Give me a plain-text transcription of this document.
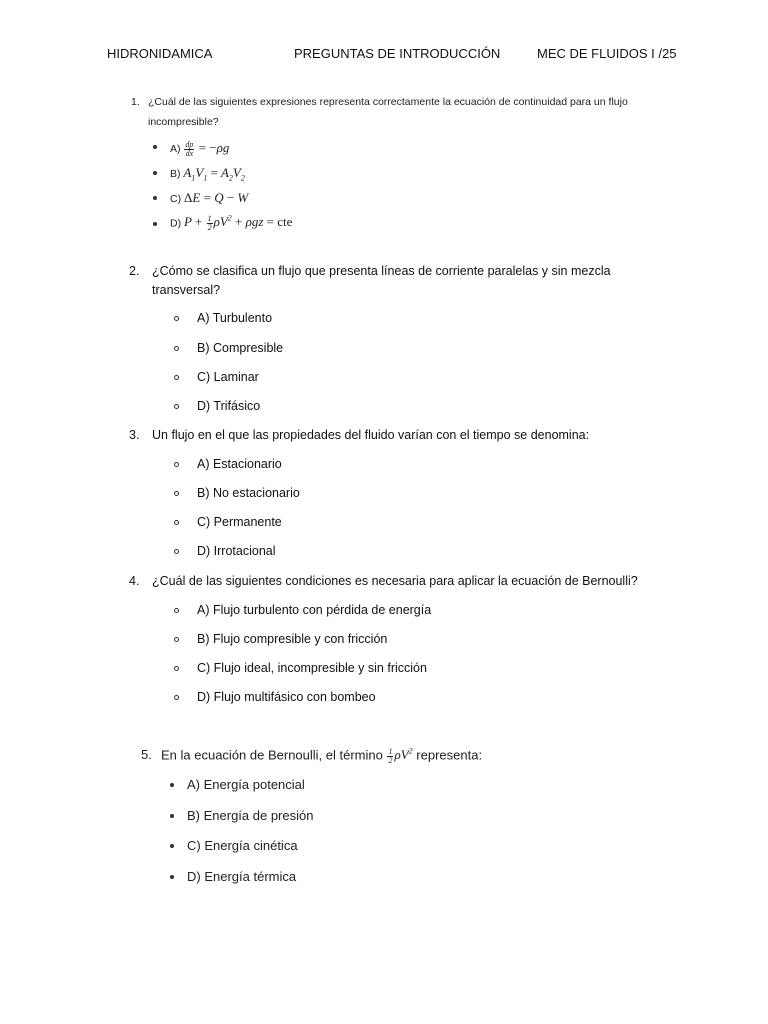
HIDRONIDAMICA	PREGUNTAS DE INTRODUCCIÓN	MEC DE FLUIDOS I /25
1. ¿Cuál de las siguientes expresiones representa correctamente la ecuación de continuidad para un flujo
incompresible?
$A) \frac{dp}{dx} = -\rho g$
B) $A_1V_1 = A_2V_2$
C) ΔE = Q − W
D) $P + \frac{1}{2} \rho V^2 + \rho gz$ = cte
2. ¿Cómo se clasifica un flujo que presenta líneas de corriente paralelas y sin mezcla
transversal?
A) Turbulento
B) Compresible
C) Laminar
D) Trifásico
3. Un flujo en el que las propiedades del fluido varían con el tiempo se denomina:
A) Estacionario
B) No estacionario
C) Permanente
D) Irrotacional
4. ¿Cuál de las siguientes condiciones es necesaria para aplicar la ecuación de Bernoulli?
A) Flujo turbulento con pérdida de energía
B) Flujo compresible y con fricción
C) Flujo ideal, incompresible y sin fricción
D) Flujo multifásico con bombeo
5. En la ecuación de Bernoulli, el término $\frac{1}{2} \rho V^2$ representa:
A) Energía potencial
B) Energía de presión
C) Energía cinética
D) Energía térmica
